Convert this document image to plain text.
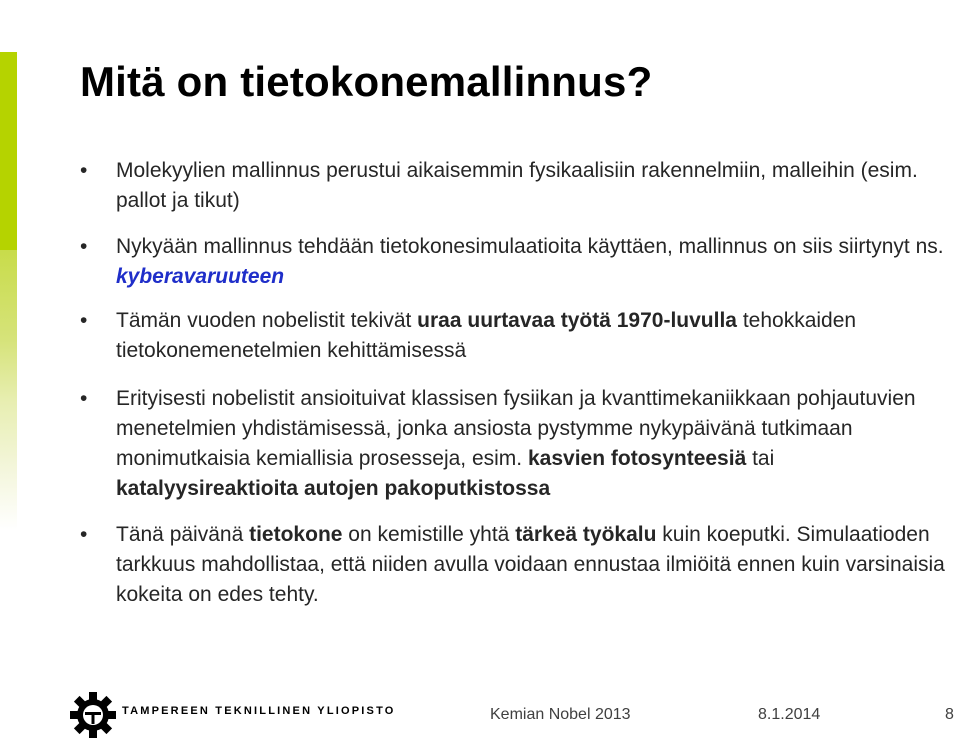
Mitä on tietokonemallinnus?
• Molekyylien mallinnus perustui aikaisemmin fysikaalisiin rakennelmiin, malleihin (esim. pallot ja tikut)
• Nykyään mallinnus tehdään tietokonesimulaatioita käyttäen, mallinnus on siis siirtynyt ns. kyberavaruuteen
• Tämän vuoden nobelistit tekivät uraa uurtavaa työtä 1970-luvulla tehokkaiden tietokonemenetelmien kehittämisessä
• Erityisesti nobelistit ansioituivat klassisen fysiikan ja kvanttimekaniikkaan pohjautuvien menetelmien yhdistämisessä, jonka ansiosta pystymme nykypäivänä tutkimaan monimutkaisia kemiallisia prosesseja, esim. kasvien fotosynteesiä tai katalyysireaktioita autojen pakoputkistossa
• Tänä päivänä tietokone on kemistille yhtä tärkeä työkalu kuin koeputki. Simulaatioden tarkkuus mahdollistaa, että niiden avulla voidaan ennustaa ilmiöitä ennen kuin varsinaisia kokeita on edes tehty.
TAMPEREEN TEKNILLINEN YLIOPISTO	Kemian Nobel 2013	8.1.2014	8
